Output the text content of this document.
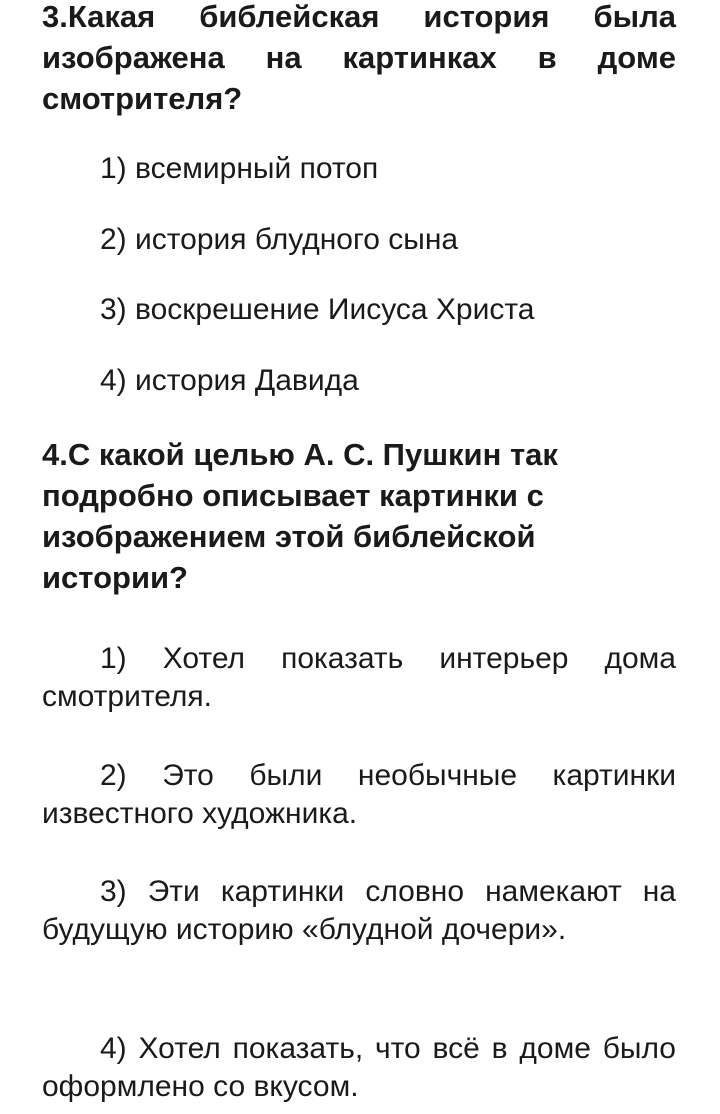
3.Какая библейская история была изображена на картинках в доме смотрителя?

1) всемирный потоп
2) история блудного сына
3) воскрешение Иисуса Христа
4) история Давида

4.С какой целью А. С. Пушкин так подробно описывает картинки с изображением этой библейской истории?

1) Хотел показать интерьер дома смотрителя.

2) Это были необычные картинки известного художника.

3) Эти картинки словно намекают на будущую историю «блудной дочери».

4) Хотел показать, что всё в доме было оформлено со вкусом.
